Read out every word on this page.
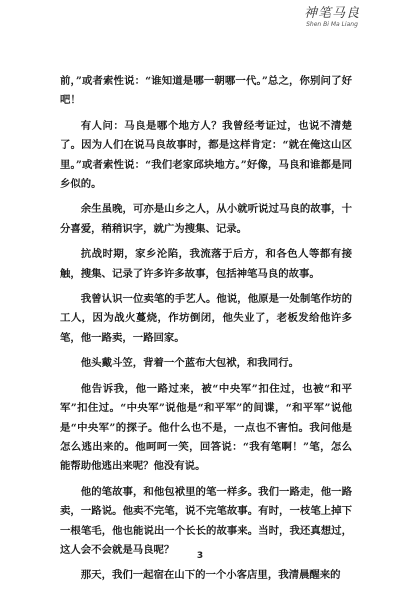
神笔马良
Shen Bi Ma Liang

前，”或者索性说：“谁知道是哪一朝哪一代。”总之，你别问了好吧！

有人问：马良是哪个地方人？我曾经考证过，也说不清楚了。因为人们在说马良故事时，都是这样肯定：“就在俺这山区里。”或者索性说：“我们老家邱块地方。”好像，马良和谁都是同乡似的。

余生虽晚，可亦是山乡之人，从小就听说过马良的故事，十分喜爱，稍稍识字，就广为搜集、记录。

抗战时期，家乡沦陷，我流落于后方，和各色人等都有接触，搜集、记录了许多许多故事，包括神笔马良的故事。

我曾认识一位卖笔的手艺人。他说，他原是一处制笔作坊的工人，因为战火蔓烧，作坊倒闭，他失业了，老板发给他许多笔，他一路卖，一路回家。

他头戴斗笠，背着一个蓝布大包袱，和我同行。

他告诉我，他一路过来，被“中央军”扣住过，也被“和平军”扣住过。“中央军”说他是“和平军”的间谍，“和平军”说他是“中央军”的探子。他什么也不是，一点也不害怕。我问他是怎么逃出来的。他呵呵一笑，回答说：“我有笔啊！”笔，怎么能帮助他逃出来呢？他没有说。

他的笔故事，和他包袱里的笔一样多。我们一路走，他一路卖，一路说。他卖不完笔，说不完笔故事。有时，一枝笔上掉下一根笔毛，他也能说出一个长长的故事来。当时，我还真想过，这人会不会就是马良呢？

那天，我们一起宿在山下的一个小客店里，我清晨醒来的

3
